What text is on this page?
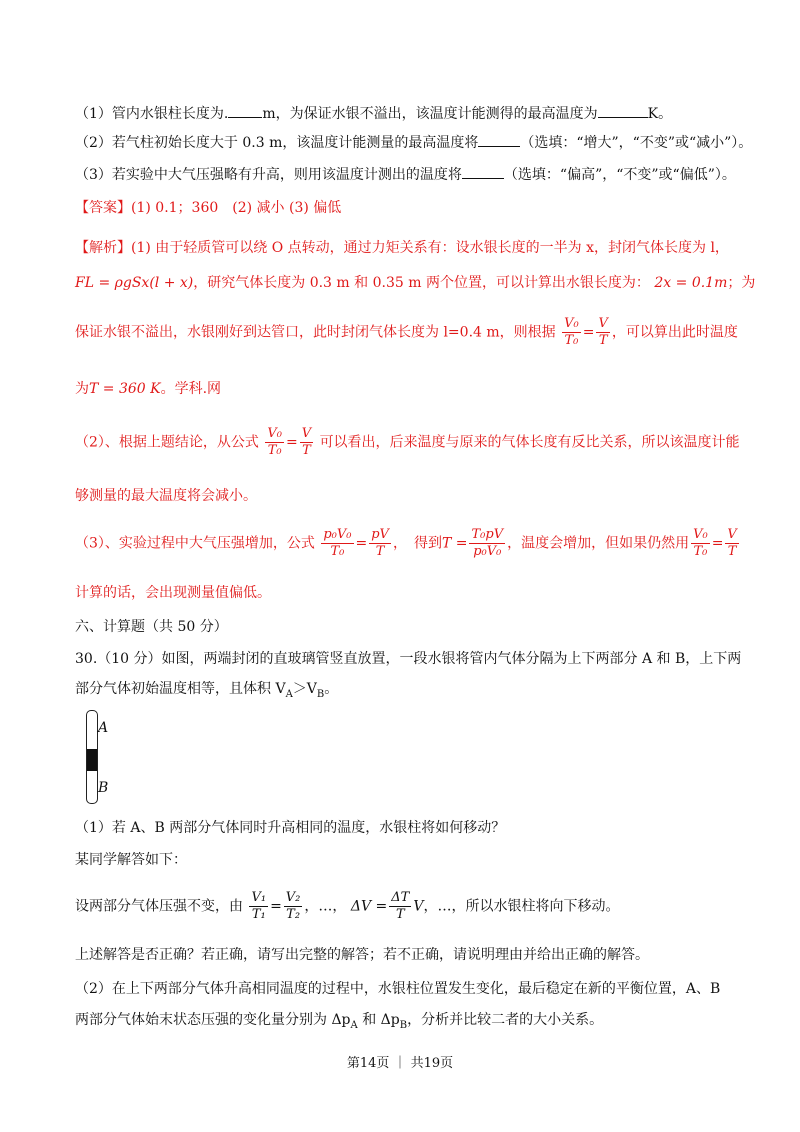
（1）管内水银柱长度为. m，为保证水银不溢出，该温度计能测得的最高温度为	K。
（2）若气柱初始长度大于 0.3 m，该温度计能测量的最高温度将	（选填：“增大”，“不变”或“减小”）。
（3）若实验中大气压强略有升高，则用该温度计测出的温度将	（选填：“偏高”，“不变”或“偏低”）。
【答案】(1) 0.1；360　(2) 减小 (3) 偏低
【解析】(1) 由于轻质管可以绕 O 点转动，通过力矩关系有：设水银长度的一半为 x，封闭气体长度为 l，
FL = ρgSx(l + x)，研究气体长度为 0.3 m 和 0.35 m 两个位置，可以计算出水银长度为： 2x = 0.1m；为
保证水银不溢出，水银刚好到达管口，此时封闭气体长度为 l=0.4 m，则根据 $\frac{\text{V₀}}{\text{T₀}} = \frac{V}{T}$ ，可以算出此时温度
为T = 360 K。学科.网
（2）、根据上题结论，从公式 $\frac{\text{V₀}}{\text{T₀}} = \frac{V}{T}$ 可以看出，后来温度与原来的气体长度有反比关系，所以该温度计能
够测量的最大温度将会减小。
（3）、实验过程中大气压强增加，公式 $\frac{\text{p₀V₀}}{\text{T₀}} = \frac{pV}{T}$ ，　得到$T = \frac{\text{T₀pV}}{\text{p₀V₀}}$ ，温度会增加，但如果仍然用 $\frac{\text{V₀}}{\text{T₀}} = \frac{V}{T}$
计算的话，会出现测量值偏低。
六、计算题（共 50 分）
30.（10 分）如图，两端封闭的直玻璃管竖直放置，一段水银将管内气体分隔为上下两部分 A 和 B，上下两
部分气体初始温度相等，且体积 $V_A>V_B$。
A
B
（1）若 A、B 两部分气体同时升高相同的温度，水银柱将如何移动？
某同学解答如下：
设两部分气体压强不变，由 $\frac{\text{V₁}}{\text{T₁}} = \frac{\text{V₂}}{\text{T₂}}$ ，…， $\Delta V = \frac{\Delta T}{T}$ V，…，所以水银柱将向下移动。
上述解答是否正确？若正确，请写出完整的解答；若不正确，请说明理由并给出正确的解答。
（2）在上下两部分气体升高相同温度的过程中，水银柱位置发生变化，最后稳定在新的平衡位置，A、B
两部分气体始末状态压强的变化量分别为 $\Delta p_A$ 和 $\Delta p_B$，分析并比较二者的大小关系。
第14页 ｜ 共19页
